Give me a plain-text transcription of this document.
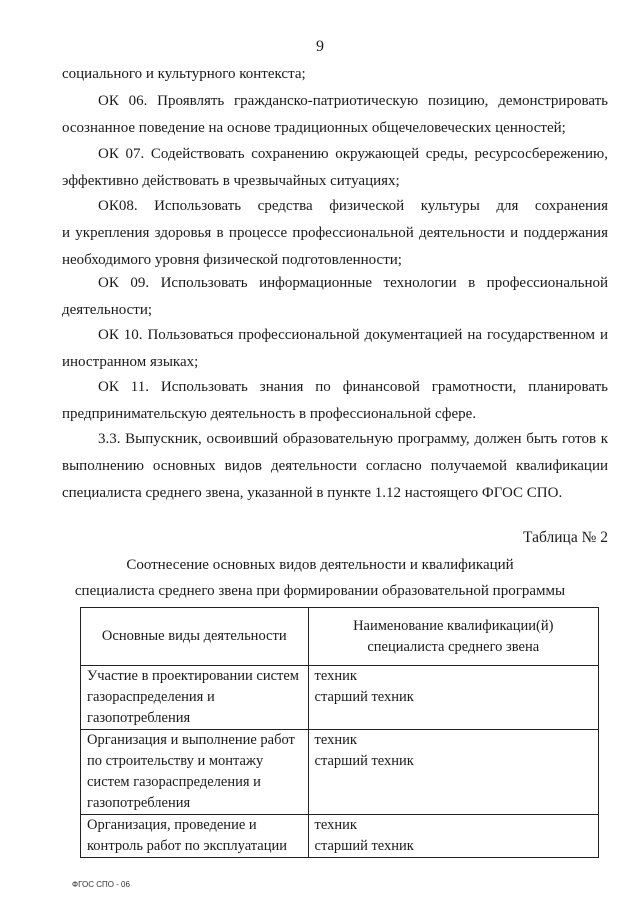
9

социального и культурного контекста;

ОК 06. Проявлять гражданско-патриотическую позицию, демонстрировать
осознанное поведение на основе традиционных общечеловеческих ценностей;
ОК 07. Содействовать сохранению окружающей среды, ресурсосбережению,
эффективно действовать в чрезвычайных ситуациях;
ОК08. Использовать средства физической культуры для сохранения
и укрепления здоровья в процессе профессиональной деятельности и поддержания
необходимого уровня физической подготовленности;
ОК 09. Использовать информационные технологии в профессиональной
деятельности;
ОК 10. Пользоваться профессиональной документацией на государственном и
иностранном языках;
ОК 11. Использовать знания по финансовой грамотности, планировать
предпринимательскую деятельность в профессиональной сфере.
3.3. Выпускник, освоивший образовательную программу, должен быть готов к
выполнению основных видов деятельности согласно получаемой квалификации
специалиста среднего звена, указанной в пункте 1.12 настоящего ФГОС СПО.
Таблица № 2
Соотнесение основных видов деятельности и квалификаций
специалиста среднего звена при формировании образовательной программы
Основные виды деятельности	Наименование квалификации(й)
специалиста среднего звена

Участие в проектировании систем
газораспределения и
газопотребления	техник
старший техник

Организация и выполнение работ
по строительству и монтажу
систем газораспределения и
газопотребления	техник
старший техник

Организация, проведение и
контроль работ по эксплуатации	техник
старший техник
ФГОС СПО - 06
